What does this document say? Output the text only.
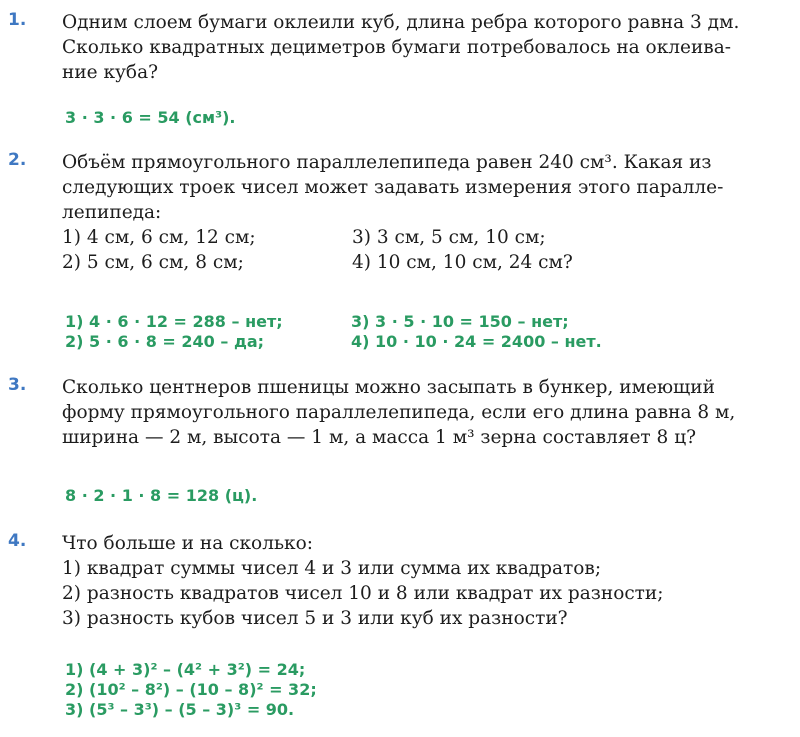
1. Одним слоем бумаги оклеили куб, длина ребра которого равна 3 дм.

Сколько квадратных дециметров бумаги потребовалось на оклеива-

ние куба?

3 · 3 · 6 = 54 (см³).

2. Объём прямоугольного параллелепипеда равен 240 см³. Какая из

следующих троек чисел может задавать измерения этого паралле-

лепипеда:

1) 4 см, 6 см, 12 см;	3) 3 см, 5 см, 10 см;

2) 5 см, 6 см, 8 см;	4) 10 см, 10 см, 24 см?

1) 4 · 6 · 12 = 288 – нет;	3) 3 · 5 · 10 = 150 – нет;

2) 5 · 6 · 8 = 240 – да;	4) 10 · 10 · 24 = 2400 – нет.

3. Сколько центнеров пшеницы можно засыпать в бункер, имеющий

форму прямоугольного параллелепипеда, если его длина равна 8 м,

ширина — 2 м, высота — 1 м, а масса 1 м³ зерна составляет 8 ц?

8 · 2 · 1 · 8 = 128 (ц).

4. Что больше и на сколько:

1) квадрат суммы чисел 4 и 3 или сумма их квадратов;

2) разность квадратов чисел 10 и 8 или квадрат их разности;

3) разность кубов чисел 5 и 3 или куб их разности?

1) (4 + 3)² – (4² + 3²) = 24;

2) (10² – 8²) – (10 – 8)² = 32;

3) (5³ – 3³) – (5 – 3)³ = 90.
